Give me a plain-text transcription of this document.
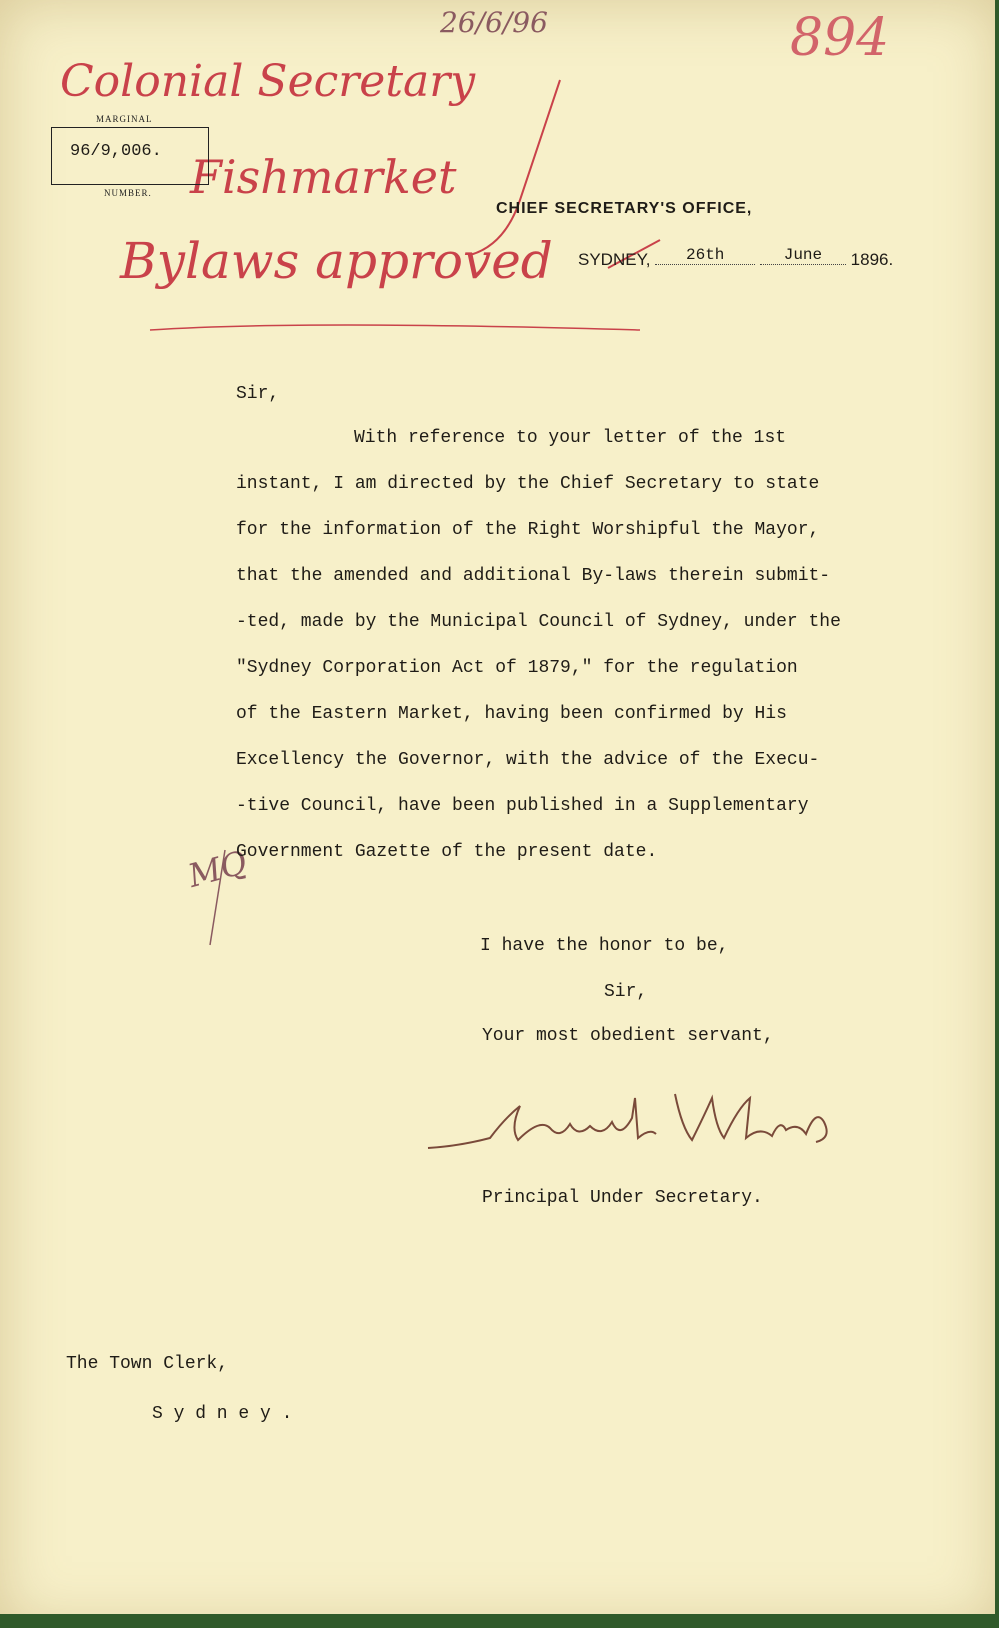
26/6/96	894
Colonial Secretary
Fishmarket
Bylaws approved
MQ
MARGINAL
96/9,006.
NUMBER.
CHIEF SECRETARY'S OFFICE,
SYDNEY, 26th	June 1896.
Sir,
With reference to your letter of the 1st
instant, I am directed by the Chief Secretary to state
for the information of the Right Worshipful the Mayor,
that the amended and additional By-laws therein submit-
-ted, made by the Municipal Council of Sydney, under the
"Sydney Corporation Act of 1879," for the regulation
of the Eastern Market, having been confirmed by His
Excellency the Governor, with the advice of the Execu-
-tive Council, have been published in a Supplementary
Government Gazette of the present date.
I have the honor to be,
Sir,
Your most obedient servant,
Principal Under Secretary.
The Town Clerk,
S y d n e y .
